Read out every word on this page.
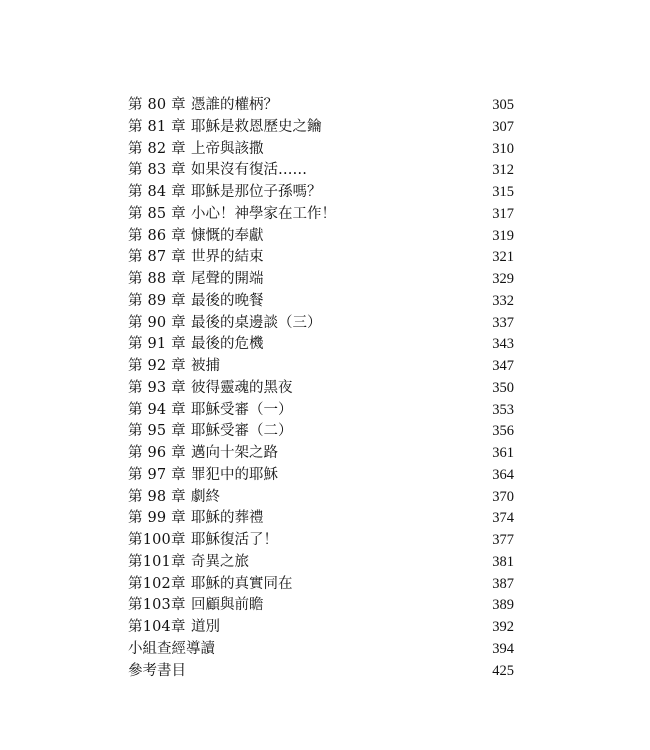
第 80 章 憑誰的權柄？	305
第 81 章 耶穌是救恩歷史之鑰	307
第 82 章 上帝與該撒	310
第 83 章 如果沒有復活……	312
第 84 章 耶穌是那位子孫嗎？	315
第 85 章 小心！神學家在工作！	317
第 86 章 慷慨的奉獻	319
第 87 章 世界的結束	321
第 88 章 尾聲的開端	329
第 89 章 最後的晚餐	332
第 90 章 最後的桌邊談（三）	337
第 91 章 最後的危機	343
第 92 章 被捕	347
第 93 章 彼得靈魂的黑夜	350
第 94 章 耶穌受審（一）	353
第 95 章 耶穌受審（二）	356
第 96 章 邁向十架之路	361
第 97 章 罪犯中的耶穌	364
第 98 章 劇終	370
第 99 章 耶穌的葬禮	374
第100章 耶穌復活了！	377
第101章 奇異之旅	381
第102章 耶穌的真實同在	387
第103章 回顧與前瞻	389
第104章 道別	392
小組查經導讀	394
參考書目	425
